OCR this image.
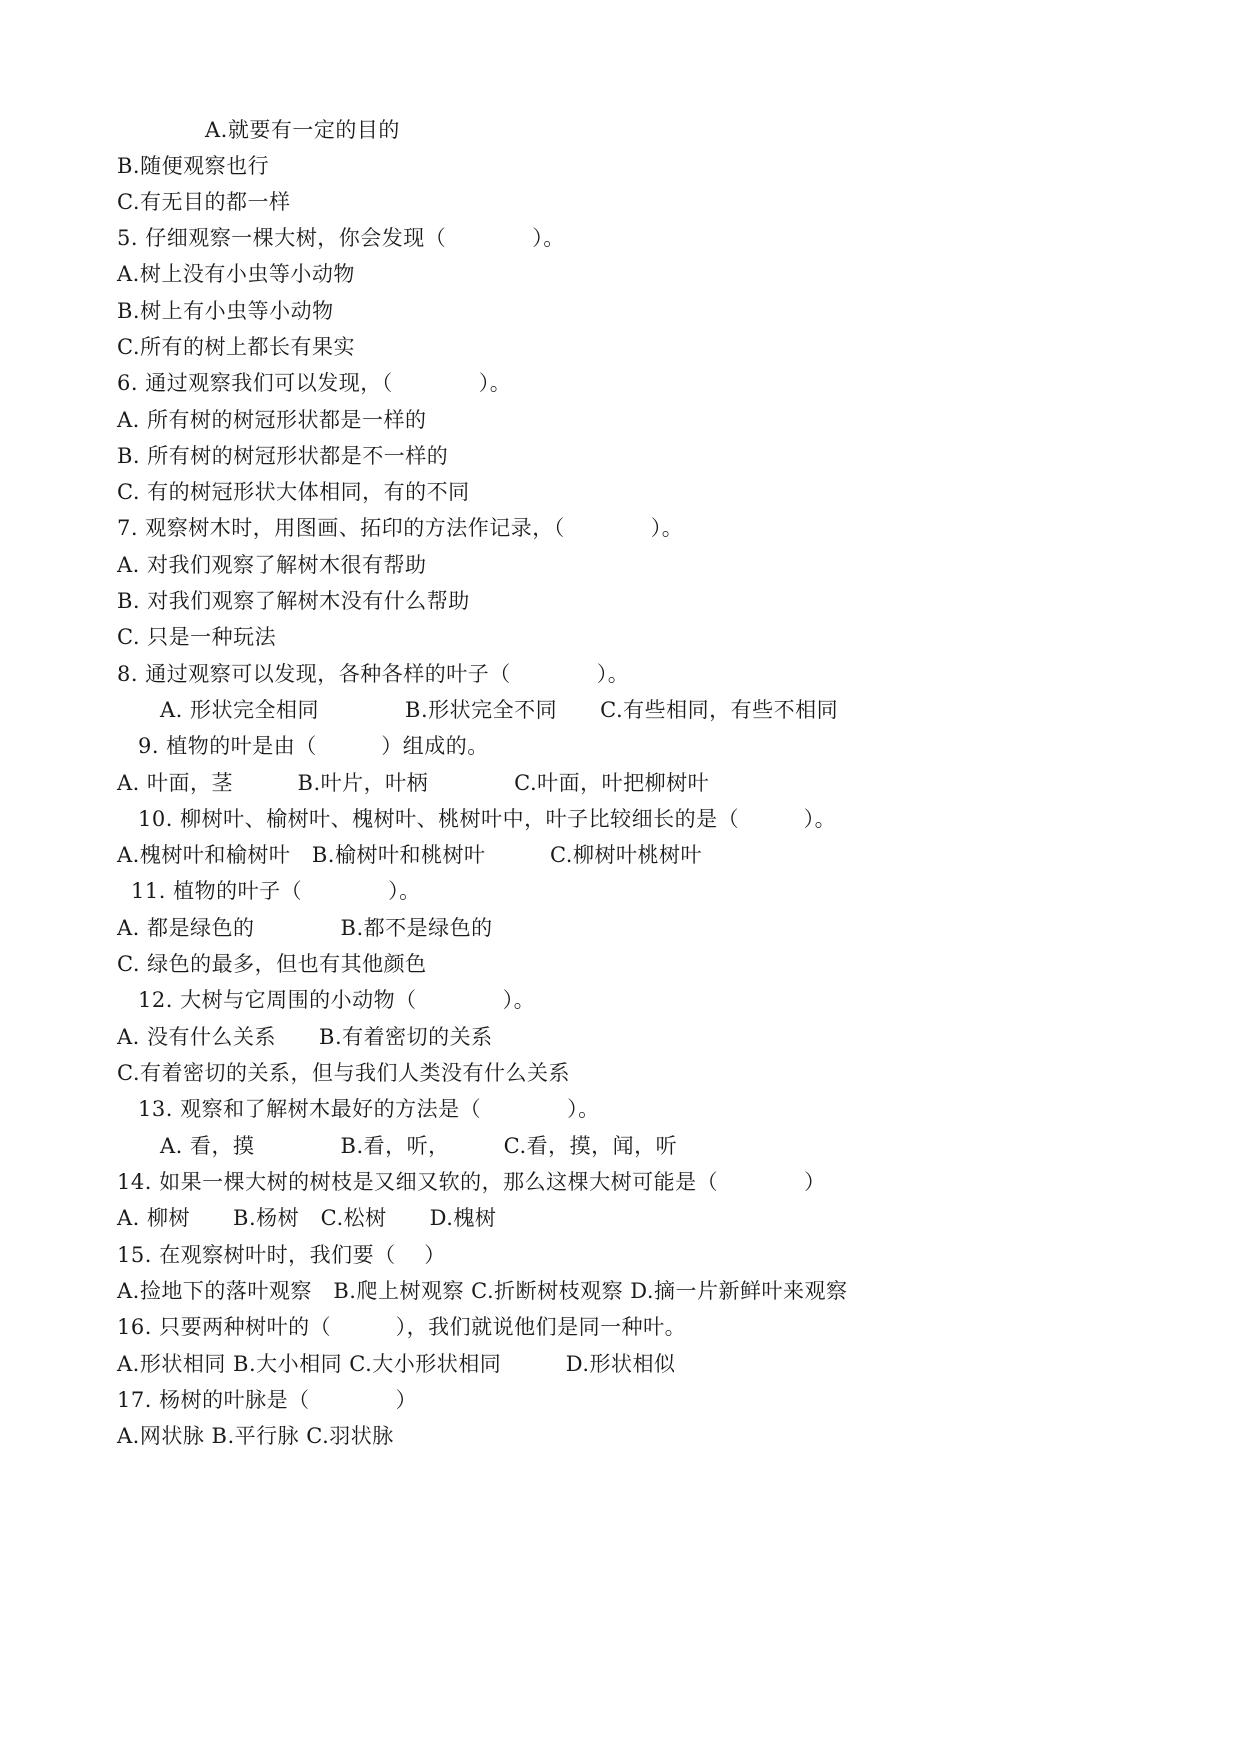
A.就要有一定的目的
B.随便观察也行
C.有无目的都一样
5. 仔细观察一棵大树，你会发现（　　　　）。
A.树上没有小虫等小动物
B.树上有小虫等小动物
C.所有的树上都长有果实
6. 通过观察我们可以发现，（　　　　）。
A. 所有树的树冠形状都是一样的
B. 所有树的树冠形状都是不一样的
C. 有的树冠形状大体相同，有的不同
7. 观察树木时，用图画、拓印的方法作记录，（　　　　）。
A. 对我们观察了解树木很有帮助
B. 对我们观察了解树木没有什么帮助
C. 只是一种玩法
8. 通过观察可以发现，各种各样的叶子（　　　　）。
A. 形状完全相同　　　　B.形状完全不同　　C.有些相同，有些不相同
9. 植物的叶是由（　　　）组成的。
A. 叶面，茎　　　B.叶片，叶柄　　　　C.叶面，叶把柳树叶
10. 柳树叶、榆树叶、槐树叶、桃树叶中，叶子比较细长的是（　　　）。
A.槐树叶和榆树叶　B.榆树叶和桃树叶　　　C.柳树叶桃树叶
11. 植物的叶子（　　　　）。
A. 都是绿色的　　　　B.都不是绿色的
C. 绿色的最多，但也有其他颜色
12. 大树与它周围的小动物（　　　　）。
A. 没有什么关系　　B.有着密切的关系
C.有着密切的关系，但与我们人类没有什么关系
13. 观察和了解树木最好的方法是（　　　　）。
A. 看，摸　　　　B.看，听，　　　C.看，摸，闻，听
14. 如果一棵大树的树枝是又细又软的，那么这棵大树可能是（　　　　）
A. 柳树　　B.杨树　C.松树　　D.槐树
15. 在观察树叶时，我们要（　 ）
A.捡地下的落叶观察　B.爬上树观察 C.折断树枝观察 D.摘一片新鲜叶来观察
16. 只要两种树叶的（　　　），我们就说他们是同一种叶。
A.形状相同 B.大小相同 C.大小形状相同　　　D.形状相似
17. 杨树的叶脉是（　　　　）
A.网状脉 B.平行脉 C.羽状脉
